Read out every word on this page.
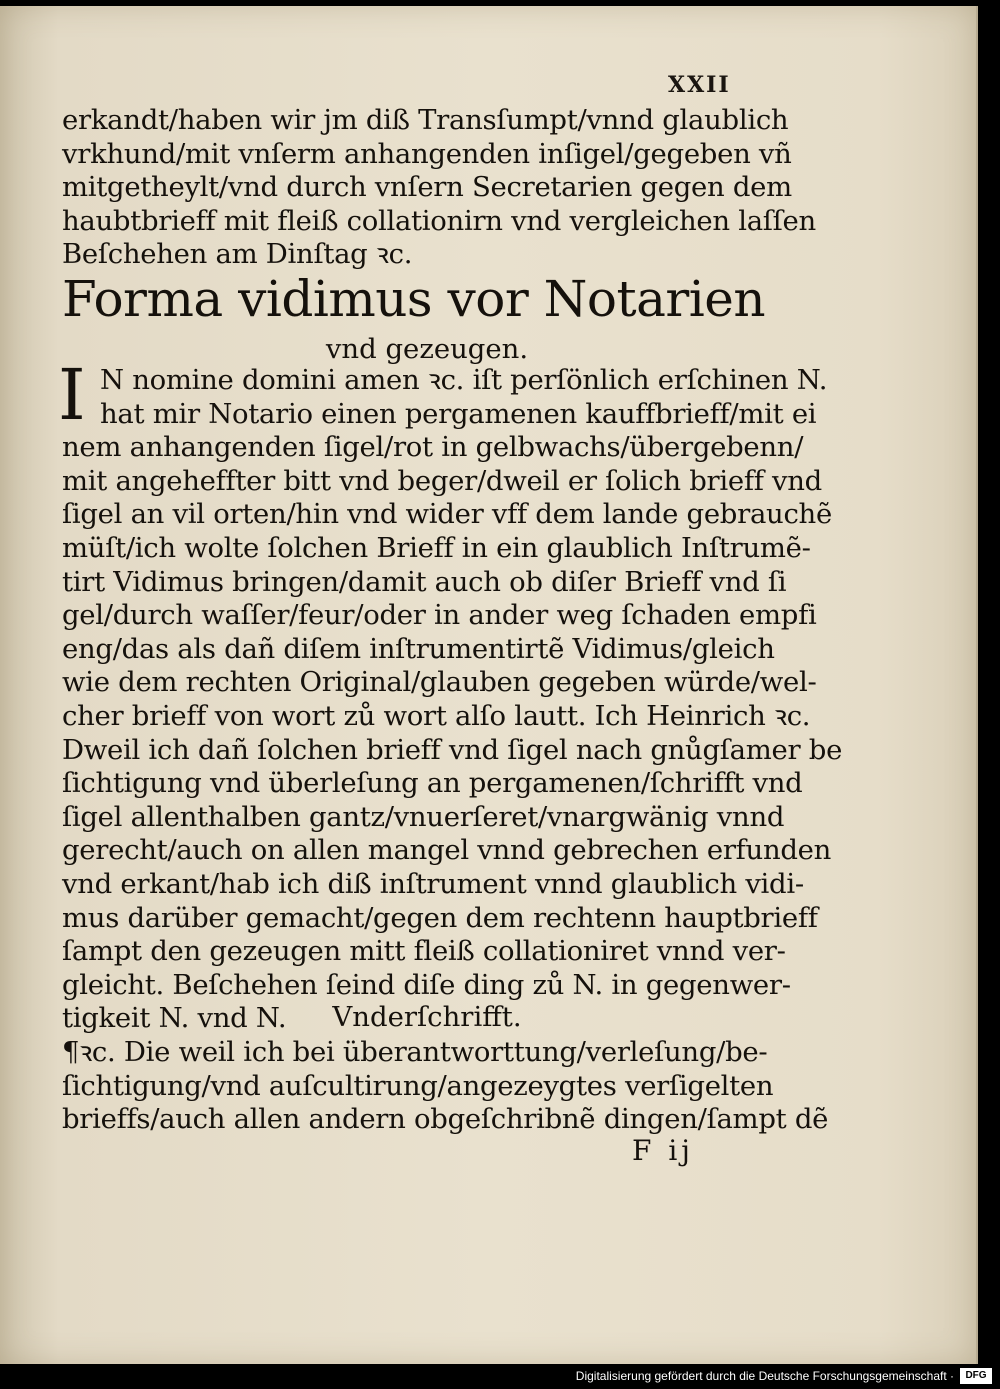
XXII
erkandt/haben wir jm diß Transſumpt/vnnd glaublich
vrkhund/mit vnſerm anhangenden inſigel/gegeben vñ
mitgetheylt/vnd durch vnſern Secretarien gegen dem
haubtbrieff mit fleiß collationirn vnd vergleichen laſſen
Beſchehen am Dinſtag ꝛc.
Forma vidimus vor Notarien
vnd gezeugen.
I N nomine domini amen ꝛc. iſt perſönlich erſchinen N.
hat mir Notario einen pergamenen kauffbrieff/mit ei
nem anhangenden ſigel/rot in gelbwachs/übergebenn/
mit angeheffter bitt vnd beger/dweil er ſolich brieff vnd
ſigel an vil orten/hin vnd wider vff dem lande gebrauchẽ
müſt/ich wolte ſolchen Brieff in ein glaublich Inſtrumẽ-
tirt Vidimus bringen/damit auch ob diſer Brieff vnd ſi
gel/durch waſſer/feur/oder in ander weg ſchaden empfi
eng/das als dañ diſem inſtrumentirtẽ Vidimus/gleich
wie dem rechten Original/glauben gegeben würde/wel-
cher brieff von wort zů wort alſo lautt. Ich Heinrich ꝛc.
Dweil ich dañ ſolchen brieff vnd ſigel nach gnůgſamer be
ſichtigung vnd überleſung an pergamenen/ſchrifft vnd
ſigel allenthalben gantz/vnuerſeret/vnargwänig vnnd
gerecht/auch on allen mangel vnnd gebrechen erfunden
vnd erkant/hab ich diß inſtrument vnnd glaublich vidi-
mus darüber gemacht/gegen dem rechtenn hauptbrieff
ſampt den gezeugen mitt fleiß collationiret vnnd ver-
gleicht. Beſchehen ſeind diſe ding zů N. in gegenwer-
tigkeit N. vnd N.	Vnderſchrifft.
¶ꝛc. Die weil ich bei überantworttung/verleſung/be-
ſichtigung/vnd auſcultirung/angezeygtes verſigelten
brieffs/auch allen andern obgeſchribnẽ dingen/ſampt dẽ
F ij
Digitalisierung gefördert durch die Deutsche Forschungsgemeinschaft ·	DFG
